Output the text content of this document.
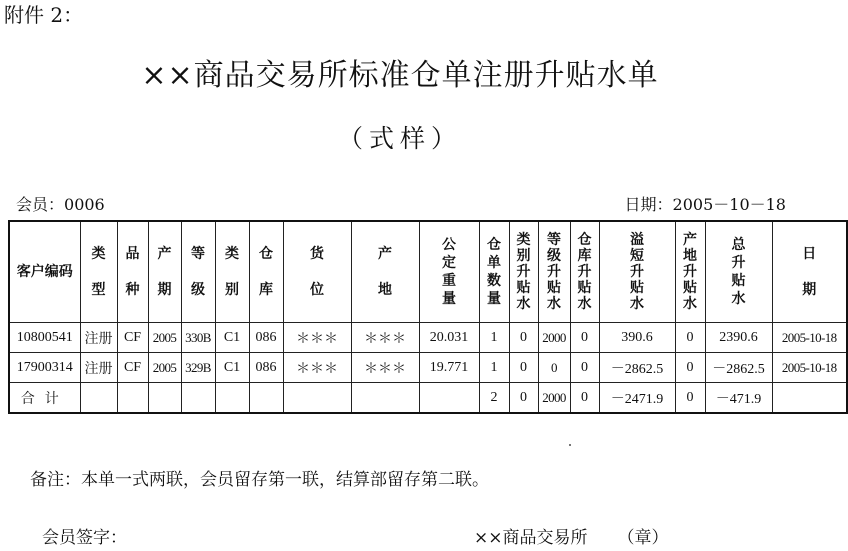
附件 2：
××商品交易所标准仓单注册升贴水单
（式样）
会员：0006	日期：2005－10－18
客户编码	类型	品种	产期	等级	类别	仓库	货位	产地	公定重量	仓单数量	类别升贴水	等级升贴水	仓库升贴水	溢短升贴水	产地升贴水	总升贴水	日期
10800541	注册	CF	2005	330B	C1	086	＊＊＊	＊＊＊	20.031	1	0	2000	0	390.6	0	2390.6	2005-10-18
17900314	注册	CF	2005	329B	C1	086	＊＊＊	＊＊＊	19.771	1	0	0	0	－2862.5	0	－2862.5	2005-10-18
合计										2	0	2000	0	－2471.9	0	－471.9	
备注：本单一式两联，会员留存第一联，结算部留存第二联。
会员签字：	××商品交易所 （章）
